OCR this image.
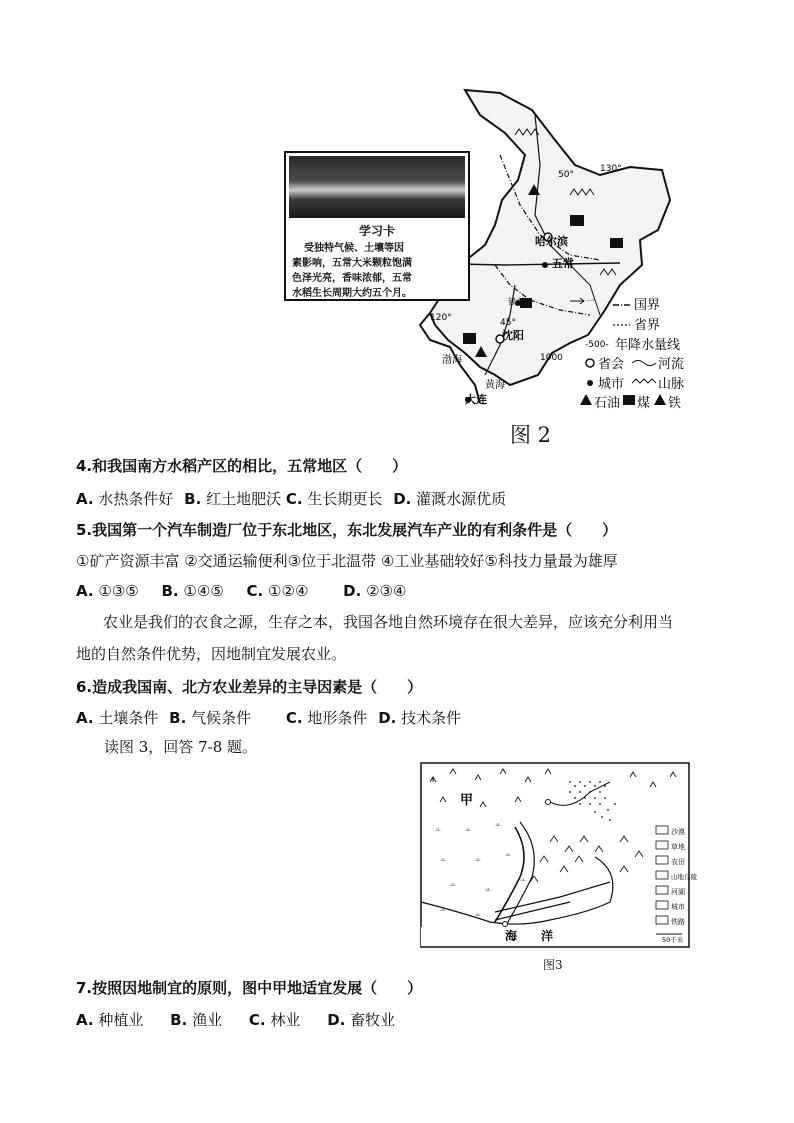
50°
130°
哈尔滨
五常
铁岭
沈阳
120°	45°
1000
渤海
黄海
大连
一	国界
省界
-500- 年降水量线
省会	河流
城市	山脉
石油 煤 铁
学习卡
受独特气候、土壤等因
素影响，五常大米颗粒饱满
色泽光亮，香味浓郁，五常
水稻生长周期大约五个月。
图 2
4.和我国南方水稻产区的相比，五常地区（　　）
A. 水热条件好 B. 红土地肥沃 C. 生长期更长 D. 灌溉水源优质
5.我国第一个汽车制造厂位于东北地区，东北发展汽车产业的有利条件是（　　）
①矿产资源丰富 ②交通运输便利③位于北温带 ④工业基础较好⑤科技力量最为雄厚
A. ①③⑤ B. ①④⑤ C. ①②④ D. ②③④
农业是我们的衣食之源，生存之本，我国各地自然环境存在很大差异，应该充分利用当
地的自然条件优势，因地制宜发展农业。
6.造成我国南、北方农业差异的主导因素是（　　）
A. 土壤条件 B. 气候条件 C. 地形条件 D. 技术条件
读图 3，回答 7-8 题。
ㅛ	ㅛ
ㅛ
ㅛ	ㅛ
ㅛ
ㅛ
ㅛ
ㅛ
ㅛ
ㅛ
甲
海　　洋
沙漠
草地
农田
山地丘陵
河湖
城市
铁路
50千米
图3
7.按照因地制宜的原则，图中甲地适宜发展（　　）
A. 种植业 B. 渔业 C. 林业 D. 畜牧业
